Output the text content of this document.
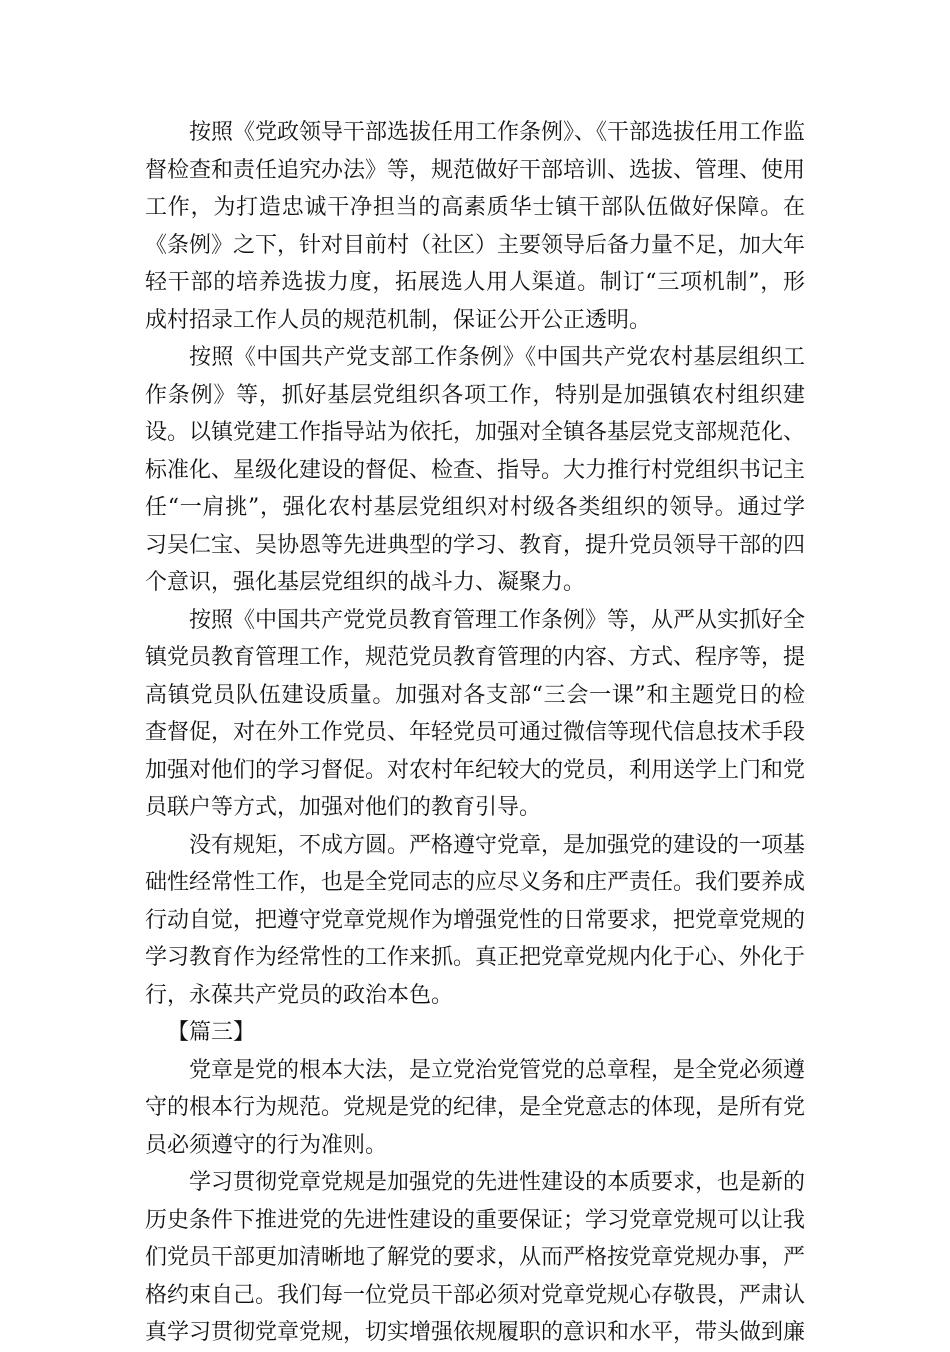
按照《党政领导干部选拔任用工作条例》、《干部选拔任用工作监督检查和责任追究办法》等，规范做好干部培训、选拔、管理、使用工作，为打造忠诚干净担当的高素质华士镇干部队伍做好保障。在《条例》之下，针对目前村（社区）主要领导后备力量不足，加大年轻干部的培养选拔力度，拓展选人用人渠道。制订“三项机制”，形成村招录工作人员的规范机制，保证公开公正透明。

按照《中国共产党支部工作条例》《中国共产党农村基层组织工作条例》等，抓好基层党组织各项工作，特别是加强镇农村组织建设。以镇党建工作指导站为依托，加强对全镇各基层党支部规范化、标准化、星级化建设的督促、检查、指导。大力推行村党组织书记主任“一肩挑”，强化农村基层党组织对村级各类组织的领导。通过学习吴仁宝、吴协恩等先进典型的学习、教育，提升党员领导干部的四个意识，强化基层党组织的战斗力、凝聚力。

按照《中国共产党党员教育管理工作条例》等，从严从实抓好全镇党员教育管理工作，规范党员教育管理的内容、方式、程序等，提高镇党员队伍建设质量。加强对各支部“三会一课”和主题党日的检查督促，对在外工作党员、年轻党员可通过微信等现代信息技术手段加强对他们的学习督促。对农村年纪较大的党员，利用送学上门和党员联户等方式，加强对他们的教育引导。

没有规矩，不成方圆。严格遵守党章，是加强党的建设的一项基础性经常性工作，也是全党同志的应尽义务和庄严责任。我们要养成行动自觉，把遵守党章党规作为增强党性的日常要求，把党章党规的学习教育作为经常性的工作来抓。真正把党章党规内化于心、外化于行，永葆共产党员的政治本色。

【篇三】

党章是党的根本大法，是立党治党管党的总章程，是全党必须遵守的根本行为规范。党规是党的纪律，是全党意志的体现，是所有党员必须遵守的行为准则。

学习贯彻党章党规是加强党的先进性建设的本质要求，也是新的历史条件下推进党的先进性建设的重要保证；学习党章党规可以让我们党员干部更加清晰地了解党的要求，从而严格按党章党规办事，严格约束自己。我们每一位党员干部必须对党章党规心存敬畏，严肃认真学习贯彻党章党规，切实增强依规履职的意识和水平，带头做到廉
